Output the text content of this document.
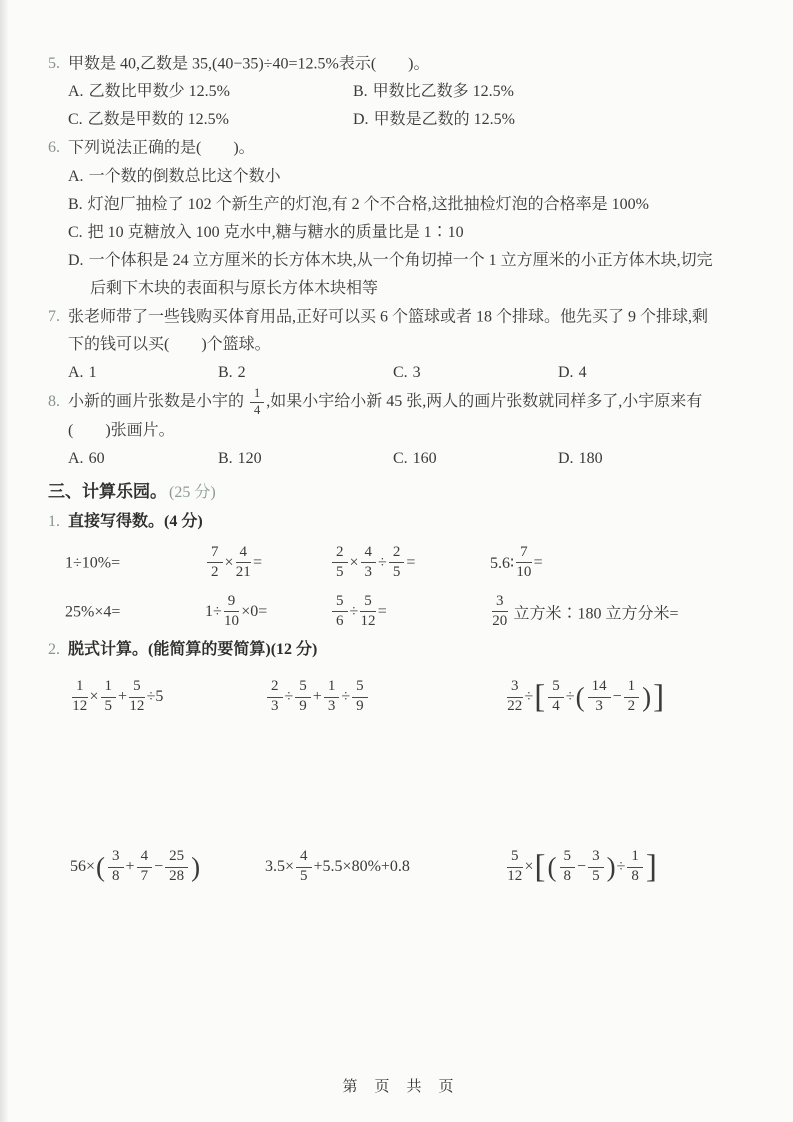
5. 甲数是 40,乙数是 35,(40−35)÷40=12.5%表示(　　)。
A. 乙数比甲数少 12.5%	B. 甲数比乙数多 12.5%
C. 乙数是甲数的 12.5%	D. 甲数是乙数的 12.5%
6. 下列说法正确的是(　　)。
A. 一个数的倒数总比这个数小
B. 灯泡厂抽检了 102 个新生产的灯泡,有 2 个不合格,这批抽检灯泡的合格率是 100%
C. 把 10 克糖放入 100 克水中,糖与糖水的质量比是 1∶10
D. 一个体积是 24 立方厘米的长方体木块,从一个角切掉一个 1 立方厘米的小正方体木块,切完
后剩下木块的表面积与原长方体木块相等
7. 张老师带了一些钱购买体育用品,正好可以买 6 个篮球或者 18 个排球。他先买了 9 个排球,剩
下的钱可以买(　　)个篮球。
A. 1	B. 2	C. 3	D. 4
8. 小新的画片张数是小宇的 $\frac{1}{4}$ ,如果小宇给小新 45 张,两人的画片张数就同样多了,小宇原来有
(　　)张画片。
A. 60	B. 120	C. 160	D. 180
三、计算乐园。 (25 分)
1. 直接写得数。(4 分)
1÷10%=	$\frac{7}{2} \times \frac{4}{21}$ =	$\frac{2}{5} \times \frac{4}{3} \div \frac{2}{5}$ =	5.6∶ $\frac{7}{10}$ =
25%×4=	$1\div \frac{9}{10} \times 0=$	$\frac{5}{6} \div \frac{5}{12}$ =	$\frac{3}{20}$ 立方米∶180 立方分米=
2. 脱式计算。(能简算的要简算)(12 分)
$\frac{1}{12} \times \frac{1}{5} + \frac{5}{12} \div 5$	$\frac{2}{3} \div \frac{5}{9} + \frac{1}{3} \div \frac{5}{9}$	$\frac{3}{22}$ ÷[ $\frac{5}{4}$ ÷( $\frac{14}{3} - \frac{1}{2}$ )]
$56\times( \frac{3}{8} + \frac{4}{7} - \frac{25}{28}$ )	$3.5\times \frac{4}{5} +5.5\times 80\%+0.8$	$\frac{5}{12}$ ×[( $\frac{5}{8} - \frac{3}{5}$ )÷ $\frac{1}{8}$ ]
第　页　共　页
